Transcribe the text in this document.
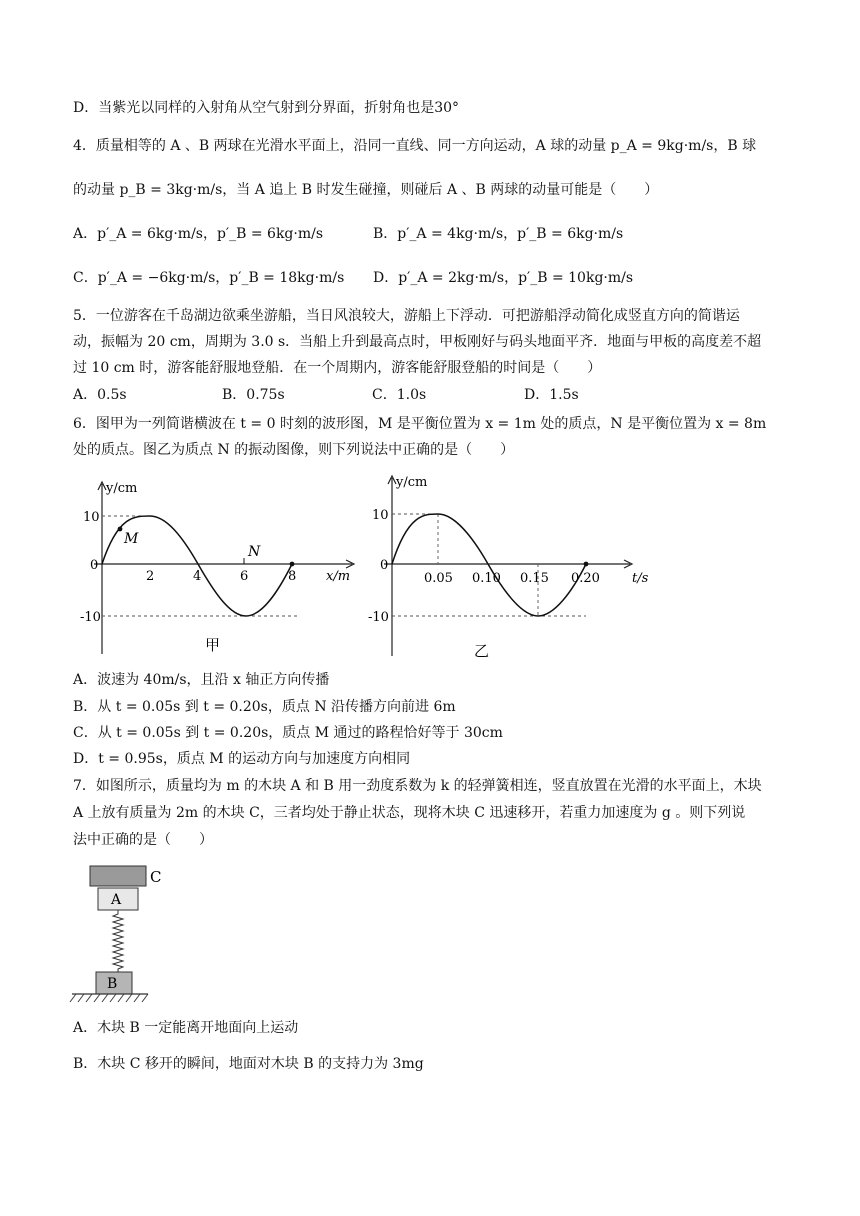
D．当紫光以同样的入射角从空气射到分界面，折射角也是30°
4．质量相等的 A 、B 两球在光滑水平面上，沿同一直线、同一方向运动，A 球的动量 p_A = 9kg·m/s，B 球
的动量 p_B = 3kg·m/s，当 A 追上 B 时发生碰撞，则碰后 A 、B 两球的动量可能是（　　）
A．p′_A = 6kg·m/s，p′_B = 6kg·m/s	B．p′_A = 4kg·m/s，p′_B = 6kg·m/s
C．p′_A = −6kg·m/s，p′_B = 18kg·m/s D．p′_A = 2kg·m/s，p′_B = 10kg·m/s
5．一位游客在千岛湖边欲乘坐游船，当日风浪较大，游船上下浮动．可把游船浮动简化成竖直方向的简谐运
动，振幅为 20 cm，周期为 3.0 s．当船上升到最高点时，甲板刚好与码头地面平齐．地面与甲板的高度差不超
过 10 cm 时，游客能舒服地登船．在一个周期内，游客能舒服登船的时间是（　　）
A．0.5s	B．0.75s	C．1.0s	D．1.5s
6．图甲为一列简谐横波在 t = 0 时刻的波形图，M 是平衡位置为 x = 1m 处的质点，N 是平衡位置为 x = 8m
处的质点。图乙为质点 N 的振动图像，则下列说法中正确的是（　　）
M
N
y/cm
x/m
10
0
-10
2	4	6	8
甲
y/cm
t/s
10
0
-10
0.05 0.10 0.15 0.20
乙
A．波速为 40m/s，且沿 x 轴正方向传播
B．从 t = 0.05s 到 t = 0.20s，质点 N 沿传播方向前进 6m
C．从 t = 0.05s 到 t = 0.20s，质点 M 通过的路程恰好等于 30cm
D．t = 0.95s，质点 M 的运动方向与加速度方向相同
7．如图所示，质量均为 m 的木块 A 和 B 用一劲度系数为 k 的轻弹簧相连，竖直放置在光滑的水平面上，木块
A 上放有质量为 2m 的木块 C，三者均处于静止状态，现将木块 C 迅速移开，若重力加速度为 g 。则下列说
法中正确的是（　　）
C
A
B
A．木块 B 一定能离开地面向上运动
B．木块 C 移开的瞬间，地面对木块 B 的支持力为 3mg
